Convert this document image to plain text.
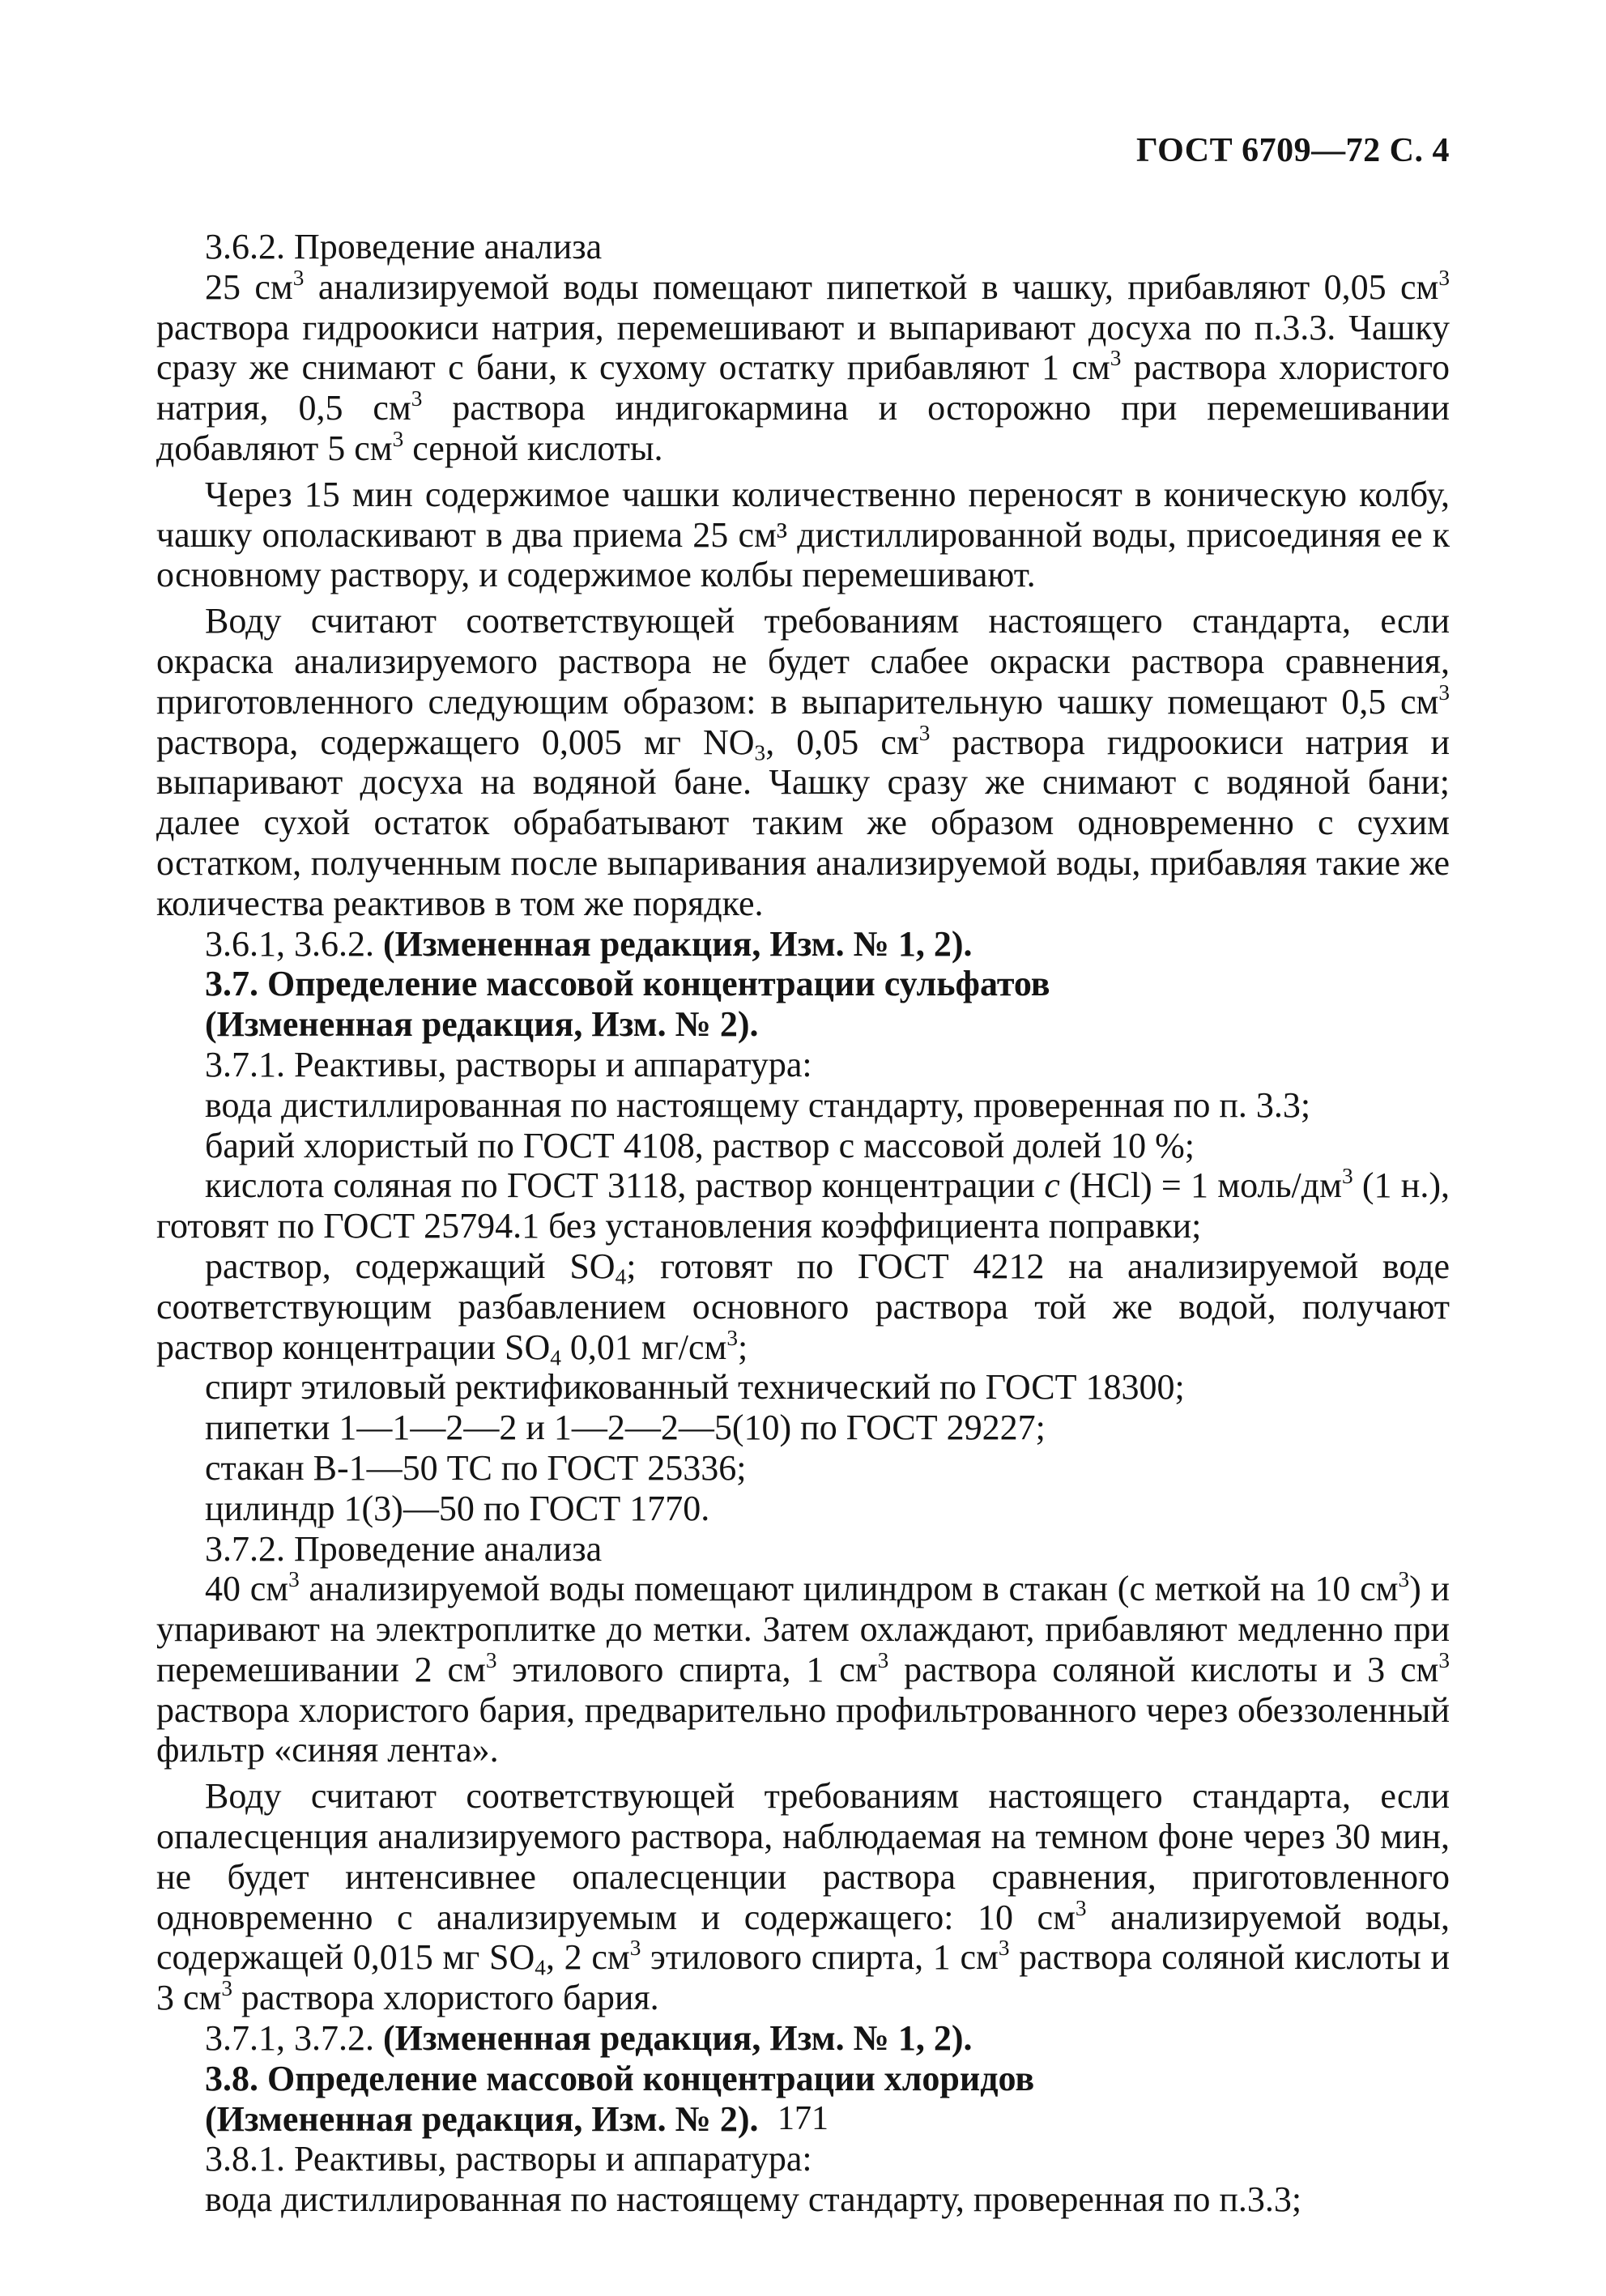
ГОСТ 6709—72 С. 4

3.6.2. Проведение анализа

25 $см^3$ анализируемой воды помещают пипеткой в чашку, прибавляют 0,05 $см^3$ раствора гидроокиси натрия, перемешивают и выпаривают досуха по п.3.3. Чашку сразу же снимают с бани, к сухому остатку прибавляют 1 $см^3$ раствора хлористого натрия, 0,5 $см^3$ раствора индигокармина и осторожно при перемешивании добавляют 5 $см^3$ серной кислоты.

Через 15 мин содержимое чашки количественно переносят в коническую колбу, чашку ополаскивают в два приема 25 см³ дистиллированной воды, присоединяя ее к основному раствору, и содержимое колбы перемешивают.

Воду считают соответствующей требованиям настоящего стандарта, если окраска анализируемого раствора не будет слабее окраски раствора сравнения, приготовленного следующим образом: в выпарительную чашку помещают 0,5 $см^3$ раствора, содержащего 0,005 мг $NO_3$, 0,05 $см^3$ раствора гидроокиси натрия и выпаривают досуха на водяной бане. Чашку сразу же снимают с водяной бани; далее сухой остаток обрабатывают таким же образом одновременно с сухим остатком, полученным после выпаривания анализируемой воды, прибавляя такие же количества реактивов в том же порядке.

3.6.1, 3.6.2. (Измененная редакция, Изм. № 1, 2).

3.7. Определение массовой концентрации сульфатов

(Измененная редакция, Изм. № 2).

3.7.1. Реактивы, растворы и аппаратура:

вода дистиллированная по настоящему стандарту, проверенная по п. 3.3;

барий хлористый по ГОСТ 4108, раствор с массовой долей 10 %;

кислота соляная по ГОСТ 3118, раствор концентрации c (HCl) = 1 моль/$дм^3$ (1 н.), готовят по ГОСТ 25794.1 без установления коэффициента поправки;

раствор, содержащий $SO_4$; готовят по ГОСТ 4212 на анализируемой воде соответствующим разбавлением основного раствора той же водой, получают раствор концентрации $SO_4$ 0,01 $мг/см^3$;

спирт этиловый ректификованный технический по ГОСТ 18300;

пипетки 1—1—2—2 и 1—2—2—5(10) по ГОСТ 29227;

стакан В-1—50 ТС по ГОСТ 25336;

цилиндр 1(3)—50 по ГОСТ 1770.

3.7.2. Проведение анализа

40 $см^3$ анализируемой воды помещают цилиндром в стакан (с меткой на 10 $см^3$) и упаривают на электроплитке до метки. Затем охлаждают, прибавляют медленно при перемешивании 2 $см^3$ этилового спирта, 1 $см^3$ раствора соляной кислоты и 3 $см^3$ раствора хлористого бария, предварительно профильтрованного через обеззоленный фильтр «синяя лента».

Воду считают соответствующей требованиям настоящего стандарта, если опалесценция анализируемого раствора, наблюдаемая на темном фоне через 30 мин, не будет интенсивнее опалесценции раствора сравнения, приготовленного одновременно с анализируемым и содержащего: 10 $см^3$ анализируемой воды, содержащей 0,015 мг $SO_4$, 2 $см^3$ этилового спирта, 1 $см^3$ раствора соляной кислоты и 3 $см^3$ раствора хлористого бария.

3.7.1, 3.7.2. (Измененная редакция, Изм. № 1, 2).

3.8. Определение массовой концентрации хлоридов

(Измененная редакция, Изм. № 2).

3.8.1. Реактивы, растворы и аппаратура:

вода дистиллированная по настоящему стандарту, проверенная по п.3.3;

171
